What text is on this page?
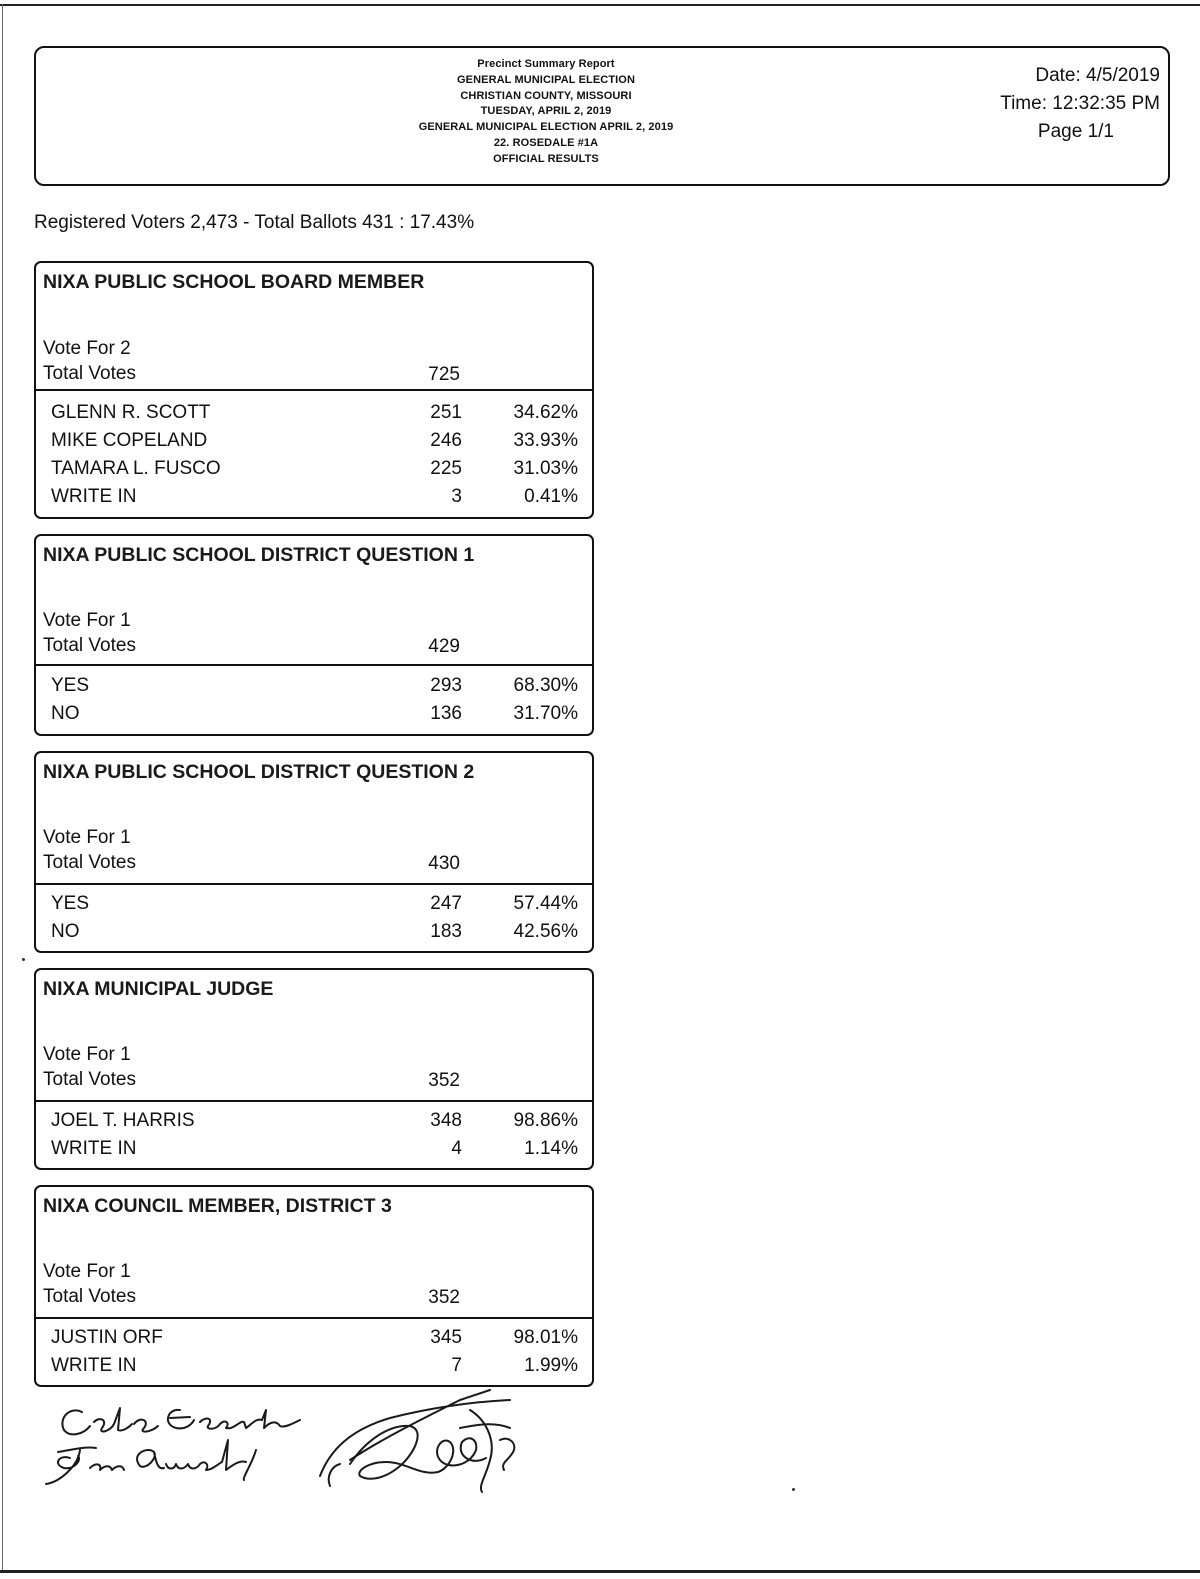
Precinct Summary Report
GENERAL MUNICIPAL ELECTION
CHRISTIAN COUNTY, MISSOURI
TUESDAY, APRIL 2, 2019
GENERAL MUNICIPAL ELECTION APRIL 2, 2019
22. ROSEDALE #1A
OFFICIAL RESULTS
Date: 4/5/2019
Time: 12:32:35 PM
Page 1/1
Registered Voters 2,473 - Total Ballots 431 : 17.43%
NIXA PUBLIC SCHOOL BOARD MEMBER
Vote For 2
Total Votes	725
GLENN R. SCOTT	251	34.62%
MIKE COPELAND	246	33.93%
TAMARA L. FUSCO	225	31.03%
WRITE IN	3	0.41%
NIXA PUBLIC SCHOOL DISTRICT QUESTION 1
Vote For 1
Total Votes	429
YES	293	68.30%
NO	136	31.70%
NIXA PUBLIC SCHOOL DISTRICT QUESTION 2
Vote For 1
Total Votes	430
YES	247	57.44%
NO	183	42.56%
NIXA MUNICIPAL JUDGE
Vote For 1
Total Votes	352
JOEL T. HARRIS	348	98.86%
WRITE IN	4	1.14%
NIXA COUNCIL MEMBER, DISTRICT 3
Vote For 1
Total Votes	352
JUSTIN ORF	345	98.01%
WRITE IN	7	1.99%
